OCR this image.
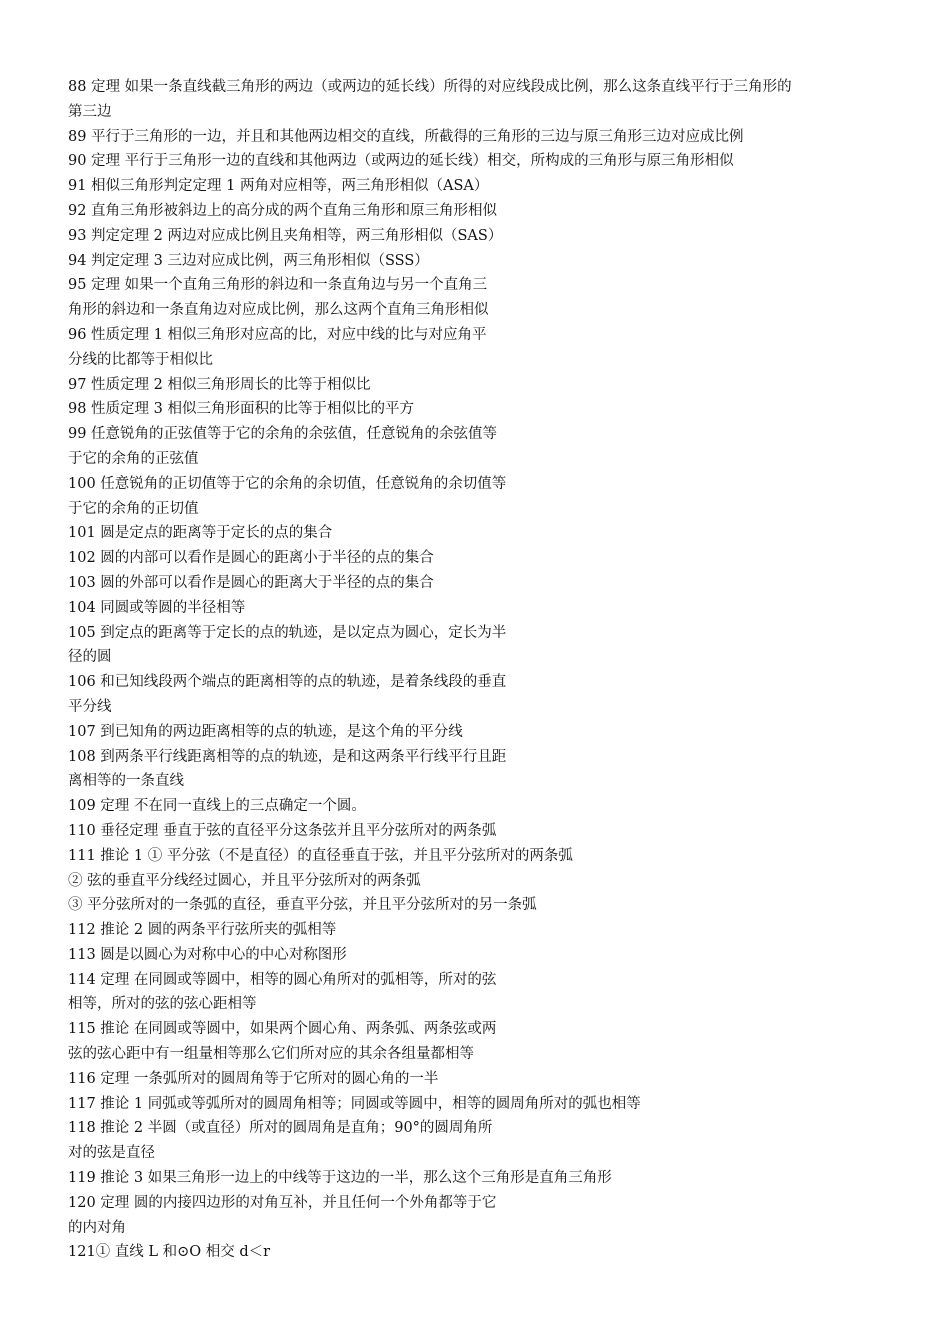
88 定理 如果一条直线截三角形的两边（或两边的延长线）所得的对应线段成比例，那么这条直线平行于三角形的
第三边
89 平行于三角形的一边，并且和其他两边相交的直线，所截得的三角形的三边与原三角形三边对应成比例
90 定理 平行于三角形一边的直线和其他两边（或两边的延长线）相交，所构成的三角形与原三角形相似
91 相似三角形判定定理 1 两角对应相等，两三角形相似（ASA）
92 直角三角形被斜边上的高分成的两个直角三角形和原三角形相似
93 判定定理 2 两边对应成比例且夹角相等，两三角形相似（SAS）
94 判定定理 3 三边对应成比例，两三角形相似（SSS）
95 定理 如果一个直角三角形的斜边和一条直角边与另一个直角三
角形的斜边和一条直角边对应成比例，那么这两个直角三角形相似
96 性质定理 1 相似三角形对应高的比，对应中线的比与对应角平
分线的比都等于相似比
97 性质定理 2 相似三角形周长的比等于相似比
98 性质定理 3 相似三角形面积的比等于相似比的平方
99 任意锐角的正弦值等于它的余角的余弦值，任意锐角的余弦值等
于它的余角的正弦值
100 任意锐角的正切值等于它的余角的余切值，任意锐角的余切值等
于它的余角的正切值
101 圆是定点的距离等于定长的点的集合
102 圆的内部可以看作是圆心的距离小于半径的点的集合
103 圆的外部可以看作是圆心的距离大于半径的点的集合
104 同圆或等圆的半径相等
105 到定点的距离等于定长的点的轨迹，是以定点为圆心，定长为半
径的圆
106 和已知线段两个端点的距离相等的点的轨迹，是着条线段的垂直
平分线
107 到已知角的两边距离相等的点的轨迹，是这个角的平分线
108 到两条平行线距离相等的点的轨迹，是和这两条平行线平行且距
离相等的一条直线
109 定理 不在同一直线上的三点确定一个圆。
110 垂径定理 垂直于弦的直径平分这条弦并且平分弦所对的两条弧
111 推论 1 ① 平分弦（不是直径）的直径垂直于弦，并且平分弦所对的两条弧
② 弦的垂直平分线经过圆心，并且平分弦所对的两条弧
③ 平分弦所对的一条弧的直径，垂直平分弦，并且平分弦所对的另一条弧
112 推论 2 圆的两条平行弦所夹的弧相等
113 圆是以圆心为对称中心的中心对称图形
114 定理 在同圆或等圆中，相等的圆心角所对的弧相等，所对的弦
相等，所对的弦的弦心距相等
115 推论 在同圆或等圆中，如果两个圆心角、两条弧、两条弦或两
弦的弦心距中有一组量相等那么它们所对应的其余各组量都相等
116 定理 一条弧所对的圆周角等于它所对的圆心角的一半
117 推论 1 同弧或等弧所对的圆周角相等；同圆或等圆中，相等的圆周角所对的弧也相等
118 推论 2 半圆（或直径）所对的圆周角是直角；90°的圆周角所
对的弦是直径
119 推论 3 如果三角形一边上的中线等于这边的一半，那么这个三角形是直角三角形
120 定理 圆的内接四边形的对角互补，并且任何一个外角都等于它
的内对角
121① 直线 L 和⊙O 相交 d＜r
